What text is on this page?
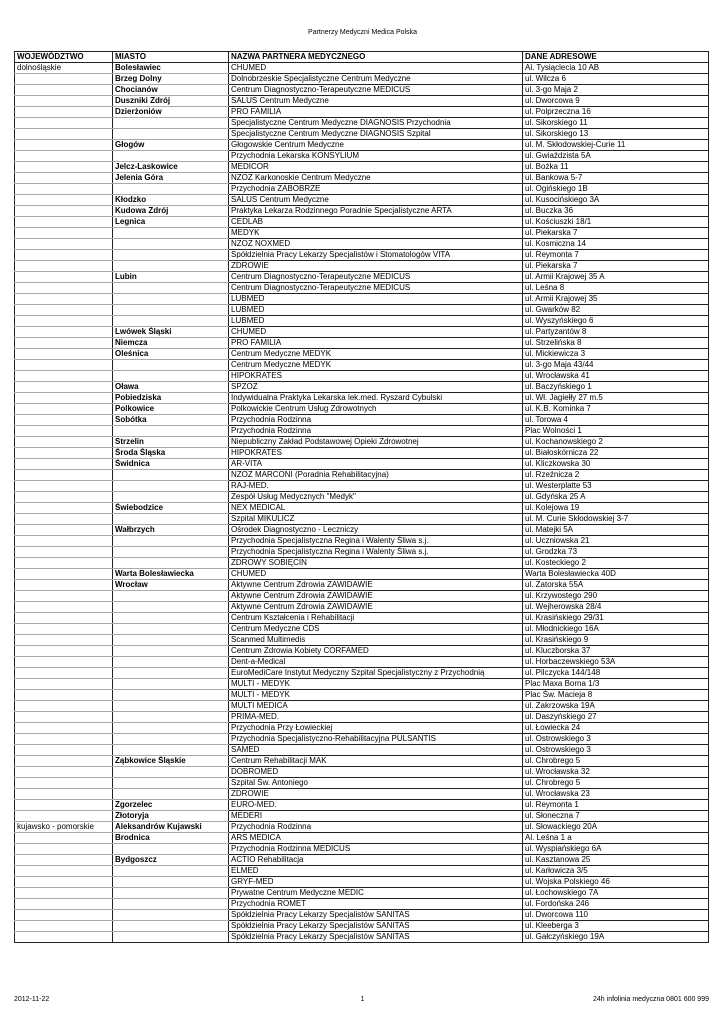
Partnerzy Medyczni Medica Polska
WOJEWÓDZTWO	MIASTO	NAZWA PARTNERA MEDYCZNEGO	DANE ADRESOWE
dolnośląskie	Bolesławiec	CHUMED	Al. Tysiąclecia 10 AB
	Brzeg Dolny	Dolnobrzeskie Specjalistyczne Centrum Medyczne	ul. Wilcza 6
	Chocianów	Centrum Diagnostyczno-Terapeutyczne MEDICUS	ul. 3-go Maja 2
	Duszniki Zdrój	SALUS Centrum Medyczne	ul. Dworcowa 9
	Dzierżoniów	PRO FAMILIA	ul. Polprzeczna 16
		Specjalistyczne Centrum Medyczne DIAGNOSIS Przychodnia	ul. Sikorskiego 11
		Specjalistyczne Centrum Medyczne DIAGNOSIS Szpital	ul. Sikorskiego 13
	Głogów	Głogowskie Centrum Medyczne	ul. M. Skłodowskiej-Curie 11
		Przychodnia Lekarska KONSYLIUM	ul. Gwiaździsta 5A
	Jelcz-Laskowice	MEDICOR	ul. Bożka 11
	Jelenia Góra	NZOZ Karkonoskie Centrum Medyczne	ul. Bankowa 5-7
		Przychodnia ZABOBRZE	ul. Ogińskiego 1B
	Kłodzko	SALUS Centrum Medyczne	ul. Kusocińskiego 3A
	Kudowa Zdrój	Praktyka Lekarza Rodzinnego Poradnie Specjalistyczne ARTA	ul. Buczka 36
	Legnica	CEDLAB	ul. Kościuszki 18/1
		MEDYK	ul. Piekarska 7
		NZOZ NOXMED	ul. Kosmiczna 14
		Spółdzielnia Pracy Lekarzy Specjalistów i Stomatologów VITA	ul. Reymonta 7
		ZDROWIE	ul. Piekarska 7
	Lubin	Centrum Diagnostyczno-Terapeutyczne MEDICUS	ul. Armii Krajowej 35 A
		Centrum Diagnostyczno-Terapeutyczne MEDICUS	ul. Leśna 8
		LUBMED	ul. Armii Krajowej 35
		LUBMED	ul. Gwarków 82
		LUBMED	ul. Wyszyńskiego 6
	Lwówek Śląski	CHUMED	ul. Partyzantów 8
	Niemcza	PRO FAMILIA	ul. Strzelińska 8
	Oleśnica	Centrum Medyczne MEDYK	ul. Mickiewicza 3
		Centrum Medyczne MEDYK	ul. 3-go Maja 43/44
		HIPOKRATES	ul. Wrocławska 41
	Oława	SPZOZ	ul. Baczyńskiego 1
	Pobiedziska	Indywidualna Praktyka Lekarska lek.med. Ryszard Cybulski	ul. Wł. Jagiełły 27 m.5
	Polkowice	Polkowickie Centrum Usług Zdrowotnych	ul. K.B. Kominka 7
	Sobótka	Przychodnia Rodzinna	ul. Torowa 4
		Przychodnia Rodzinna	Plac Wolności 1
	Strzelin	Niepubliczny Zakład Podstawowej Opieki Zdrowotnej	ul. Kochanowskiego 2
	Środa Śląska	HIPOKRATES	ul. Białoskórnicza 22
	Świdnica	AR-VITA	ul. Kliczkowska 30
		NZOZ MARCONI (Poradnia Rehabilitacyjna)	ul. Rzeźnicza 2
		RAJ-MED.	ul. Westerplatte 53
		Zespół Usług Medycznych "Medyk"	ul. Gdyńska 25 A
	Świebodzice	NEX MEDICAL	ul. Kolejowa 19
		Szpital MIKULICZ	ul. M. Curie Skłodowskiej 3-7
	Wałbrzych	Ośrodek Diagnostyczno - Leczniczy	ul. Matejki 5A
		Przychodnia Specjalistyczna Regina i Walenty Śliwa s.j.	ul. Uczniowska 21
		Przychodnia Specjalistyczna Regina i Walenty Śliwa s.j.	ul. Grodzka 73
		ZDROWY SOBIĘCIN	ul. Kosteckiego 2
	Warta Bolesławiecka	CHUMED	Warta Bolesławiecka 40D
	Wrocław	Aktywne Centrum Zdrowia ZAWIDAWIE	ul. Zatorska 55A
		Aktywne Centrum Zdrowia ZAWIDAWIE	ul. Krzywostego 290
		Aktywne Centrum Zdrowia ZAWIDAWIE	ul. Wejherowska 28/4
		Centrum Kształcenia i Rehabilitacji	ul. Krasińskiego 29/31
		Centrum Medyczne CDS	ul. Młodnickiego 16A
		Scanmed Multimedis	ul. Krasińskiego 9
		Centrum Zdrowia Kobiety CORFAMED	ul. Kluczborska 37
		Dent-a-Medical	ul. Horbaczewskiego 53A
		EuroMediCare Instytut Medyczny Szpital Specjalistyczny z Przychodnią	ul. Pilczycka 144/148
		MULTI - MEDYK	Plac Maxa Borna 1/3
		MULTI - MEDYK	Plac Św. Macieja 8
		MULTI MEDICA	ul. Zakrzowska 19A
		PRIMA-MED.	ul. Daszyńskiego 27
		Przychodnia Przy Łowieckiej	ul. Łowiecka 24
		Przychodnia Specjalistyczno-Rehabilitacyjna PULSANTIS	ul. Ostrowskiego 3
		SAMED	ul. Ostrowskiego 3
	Ząbkowice Śląskie	Centrum Rehabilitacji MAK	ul. Chrobrego 5
		DOBROMED	ul. Wrocławska 32
		Szpital Św. Antoniego	ul. Chrobrego 5
		ZDROWIE	ul. Wrocławska 23
	Zgorzelec	EURO-MED.	ul. Reymonta 1
	Złotoryja	MEDERI	ul. Słoneczna 7
kujawsko - pomorskie	Aleksandrów Kujawski	Przychodnia Rodzinna	ul. Słowackiego 20A
	Brodnica	ARS MEDICA	Al. Leśna 1 a
		Przychodnia Rodzinna MEDICUS	ul. Wyspiańskiego 6A
	Bydgoszcz	ACTIO Rehabilitacja	ul. Kasztanowa 25
		ELMED	ul. Karłowicza 3/5
		GRYF-MED	ul. Wojska Polskiego 46
		Prywatne Centrum Medyczne MEDIC	ul. Łochowskiego 7A
		Przychodnia ROMET	ul. Fordońska 246
		Spółdzielnia Pracy Lekarzy Specjalistów SANITAS	ul. Dworcowa 110
		Spółdzielnia Pracy Lekarzy Specjalistów SANITAS	ul. Kleeberga 3
		Spółdzielnia Pracy Lekarzy Specjalistów SANITAS	ul. Gałczyńskiego 19A
2012-11-22	1	24h infolinia medyczna 0801 600 999
